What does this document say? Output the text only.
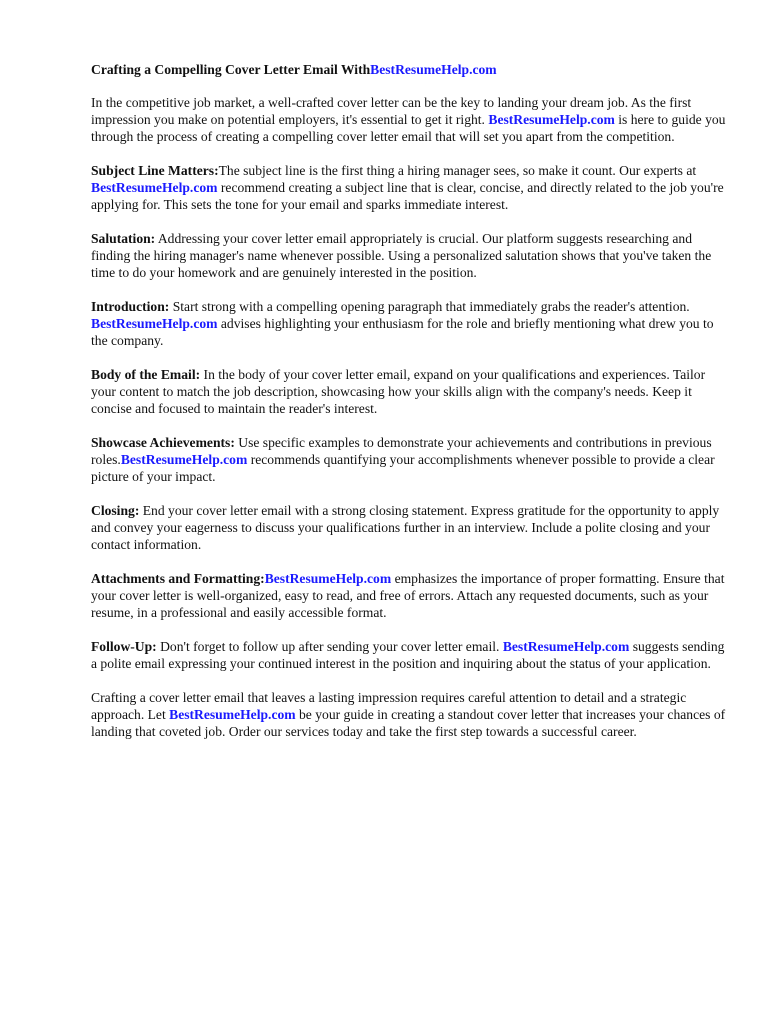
Crafting a Compelling Cover Letter Email WithBestResumeHelp.com

In the competitive job market, a well-crafted cover letter can be the key to landing your dream job. As the first impression you make on potential employers, it's essential to get it right. BestResumeHelp.com is here to guide you through the process of creating a compelling cover letter email that will set you apart from the competition.

Subject Line Matters:The subject line is the first thing a hiring manager sees, so make it count. Our experts at BestResumeHelp.com recommend creating a subject line that is clear, concise, and directly related to the job you're applying for. This sets the tone for your email and sparks immediate interest.

Salutation: Addressing your cover letter email appropriately is crucial. Our platform suggests researching and finding the hiring manager's name whenever possible. Using a personalized salutation shows that you've taken the time to do your homework and are genuinely interested in the position.

Introduction: Start strong with a compelling opening paragraph that immediately grabs the reader's attention. BestResumeHelp.com advises highlighting your enthusiasm for the role and briefly mentioning what drew you to the company.

Body of the Email: In the body of your cover letter email, expand on your qualifications and experiences. Tailor your content to match the job description, showcasing how your skills align with the company's needs. Keep it concise and focused to maintain the reader's interest.

Showcase Achievements: Use specific examples to demonstrate your achievements and contributions in previous roles.BestResumeHelp.com recommends quantifying your accomplishments whenever possible to provide a clear picture of your impact.

Closing: End your cover letter email with a strong closing statement. Express gratitude for the opportunity to apply and convey your eagerness to discuss your qualifications further in an interview. Include a polite closing and your contact information.

Attachments and Formatting:BestResumeHelp.com emphasizes the importance of proper formatting. Ensure that your cover letter is well-organized, easy to read, and free of errors. Attach any requested documents, such as your resume, in a professional and easily accessible format.

Follow-Up: Don't forget to follow up after sending your cover letter email. BestResumeHelp.com suggests sending a polite email expressing your continued interest in the position and inquiring about the status of your application.

Crafting a cover letter email that leaves a lasting impression requires careful attention to detail and a strategic approach. Let BestResumeHelp.com be your guide in creating a standout cover letter that increases your chances of landing that coveted job. Order our services today and take the first step towards a successful career.
